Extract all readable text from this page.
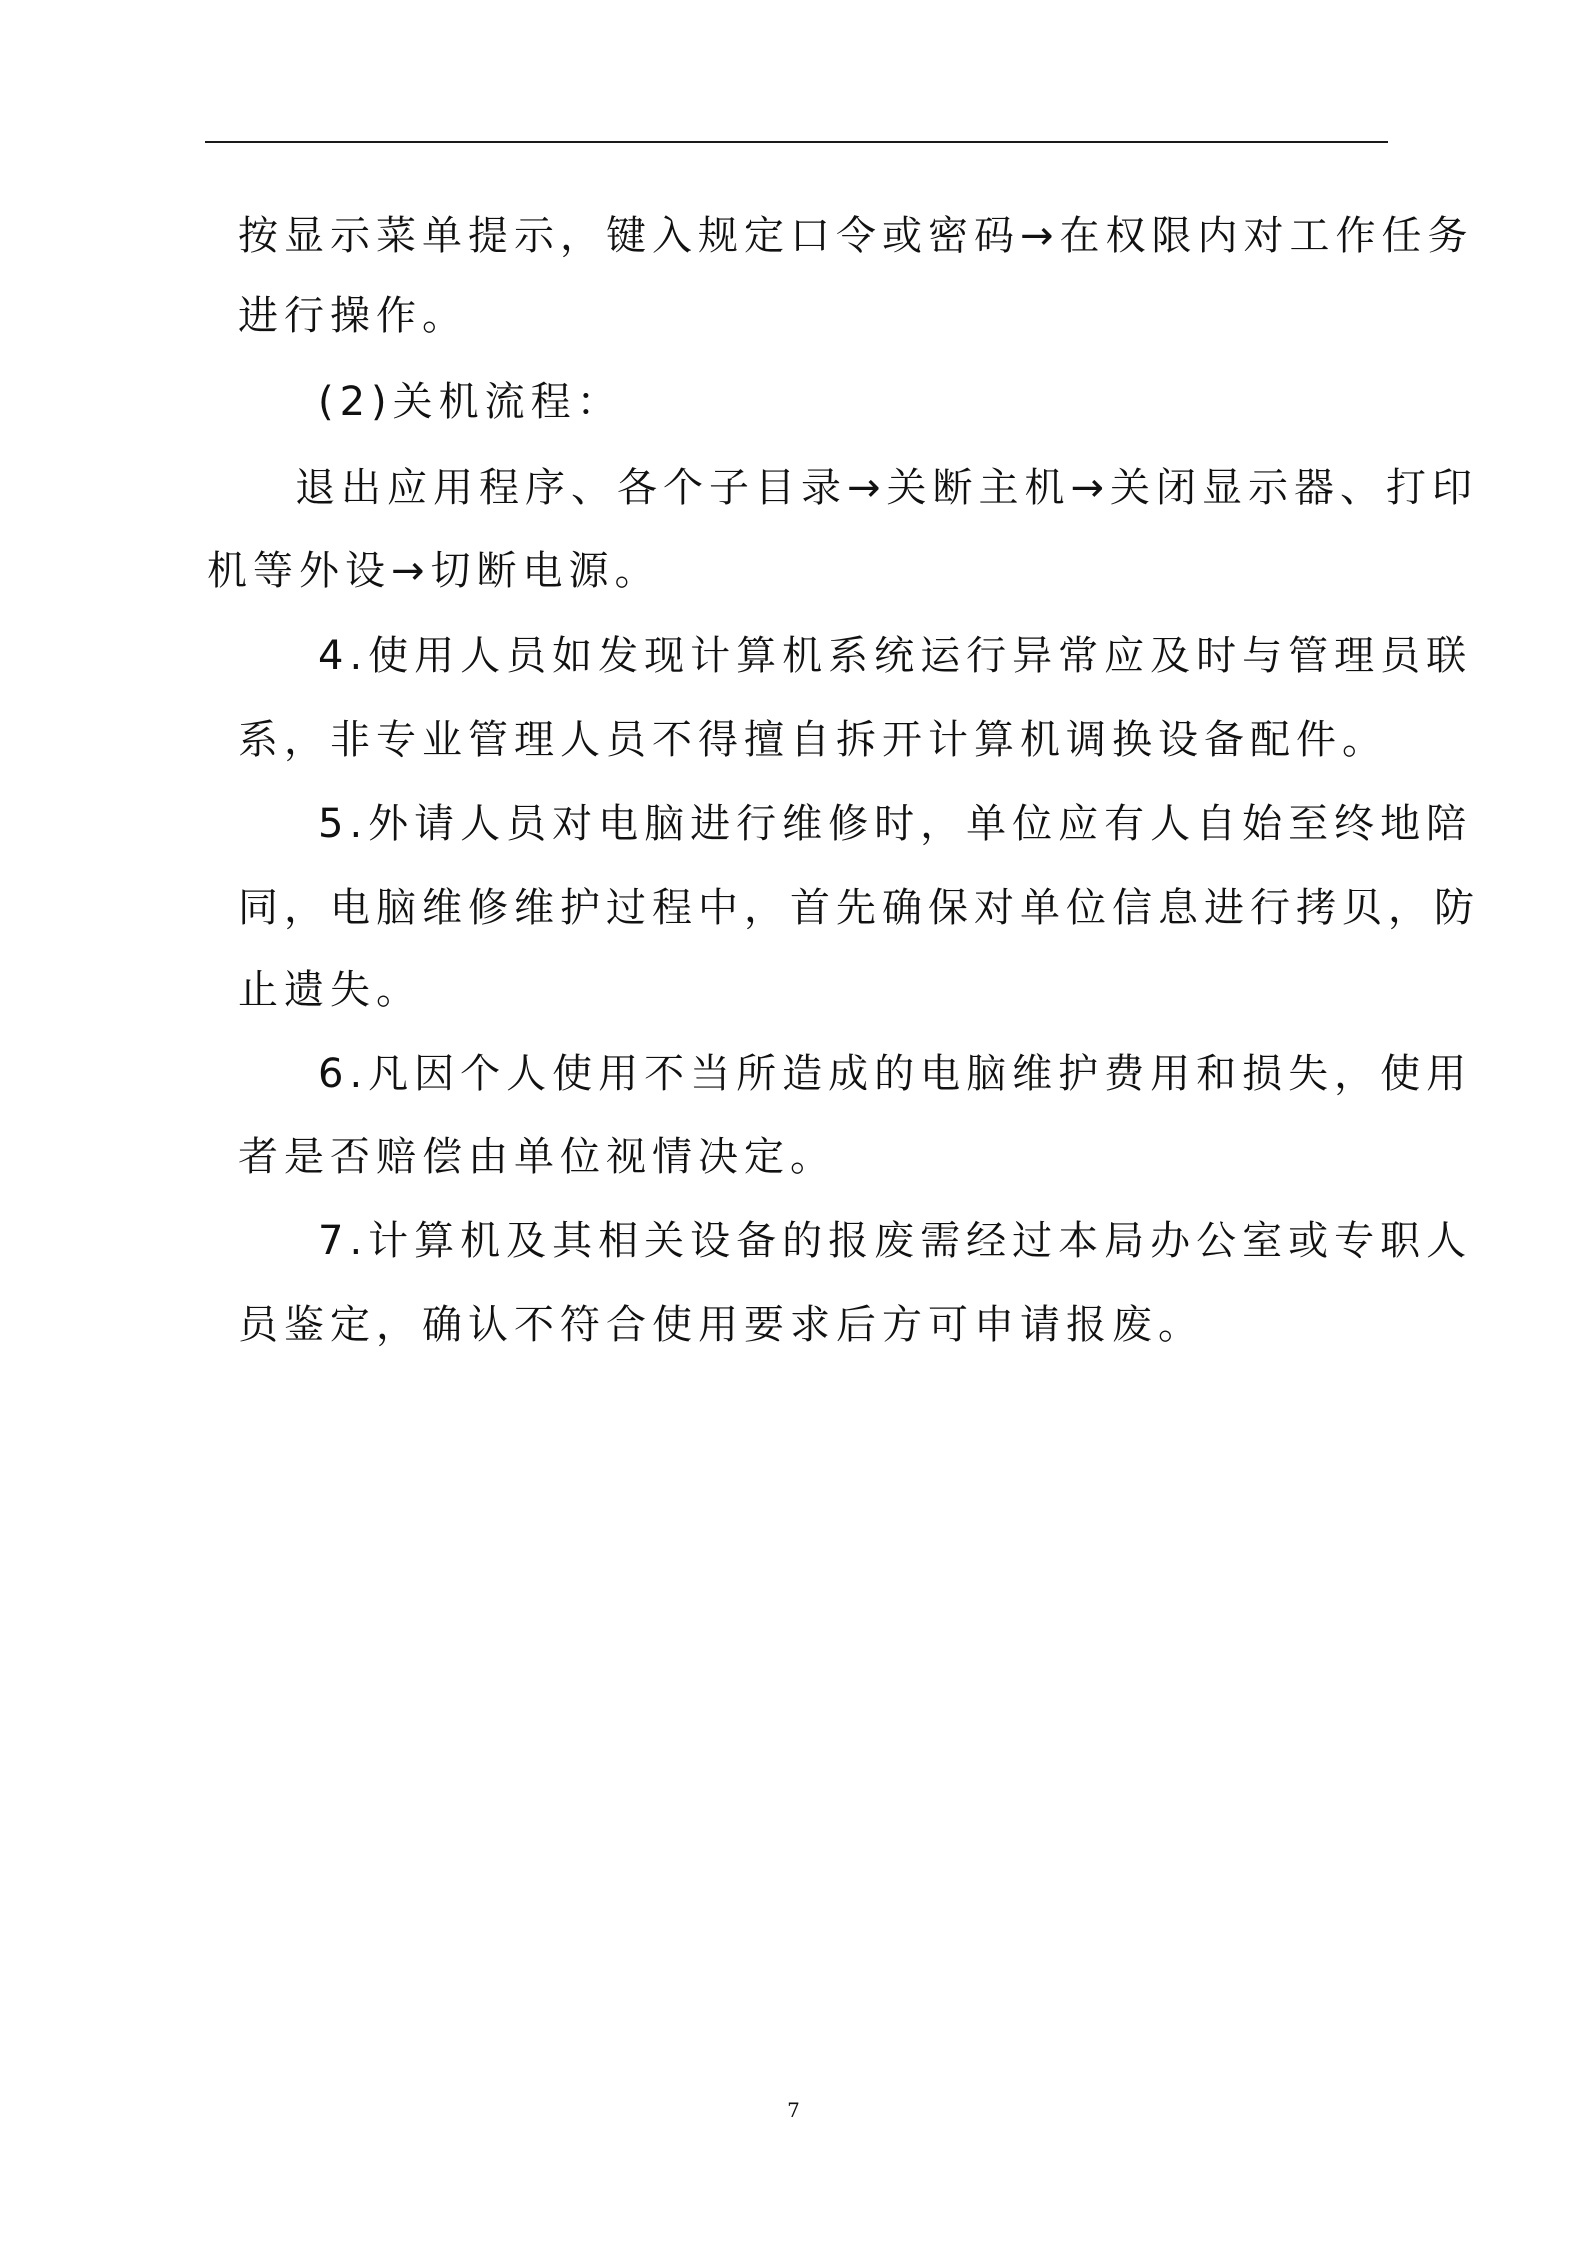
按显示菜单提示，键入规定口令或密码→在权限内对工作任务
进行操作。
(2)关机流程：
退出应用程序、各个子目录→关断主机→关闭显示器、打印
机等外设→切断电源。
4.使用人员如发现计算机系统运行异常应及时与管理员联
系，非专业管理人员不得擅自拆开计算机调换设备配件。
5.外请人员对电脑进行维修时，单位应有人自始至终地陪
同，电脑维修维护过程中，首先确保对单位信息进行拷贝，防
止遗失。
6.凡因个人使用不当所造成的电脑维护费用和损失，使用
者是否赔偿由单位视情决定。
7.计算机及其相关设备的报废需经过本局办公室或专职人
员鉴定，确认不符合使用要求后方可申请报废。
7
